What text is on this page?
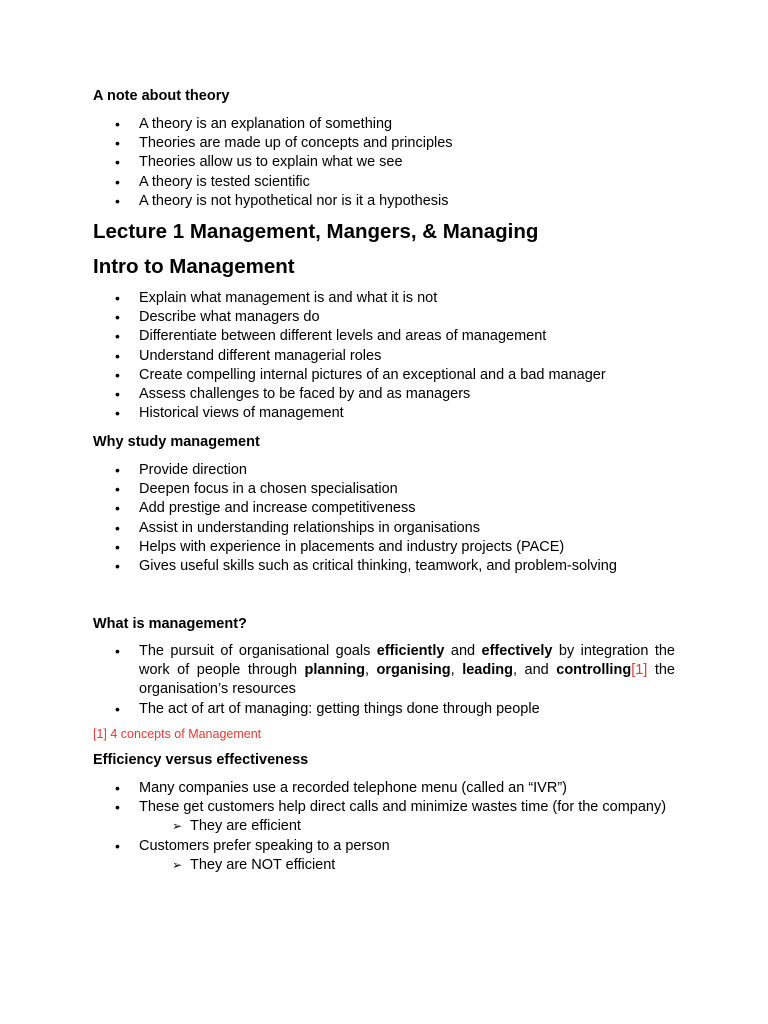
A note about theory
• A theory is an explanation of something
• Theories are made up of concepts and principles
• Theories allow us to explain what we see
• A theory is tested scientific
• A theory is not hypothetical nor is it a hypothesis
Lecture 1 Management, Mangers, & Managing
Intro to Management
• Explain what management is and what it is not
• Describe what managers do
• Differentiate between different levels and areas of management
• Understand different managerial roles
• Create compelling internal pictures of an exceptional and a bad manager
• Assess challenges to be faced by and as managers
• Historical views of management
Why study management
• Provide direction
• Deepen focus in a chosen specialisation
• Add prestige and increase competitiveness
• Assist in understanding relationships in organisations
• Helps with experience in placements and industry projects (PACE)
• Gives useful skills such as critical thinking, teamwork, and problem-solving
What is management?
• The pursuit of organisational goals efficiently and effectively by integration the work of people through planning, organising, leading, and controlling[1] the organisation’s resources
• The act of art of managing: getting things done through people
[1] 4 concepts of Management
Efficiency versus effectiveness
• Many companies use a recorded telephone menu (called an “IVR”)
• These get customers help direct calls and minimize wastes time (for the company)
➢ They are efficient
• Customers prefer speaking to a person
➢ They are NOT efficient
